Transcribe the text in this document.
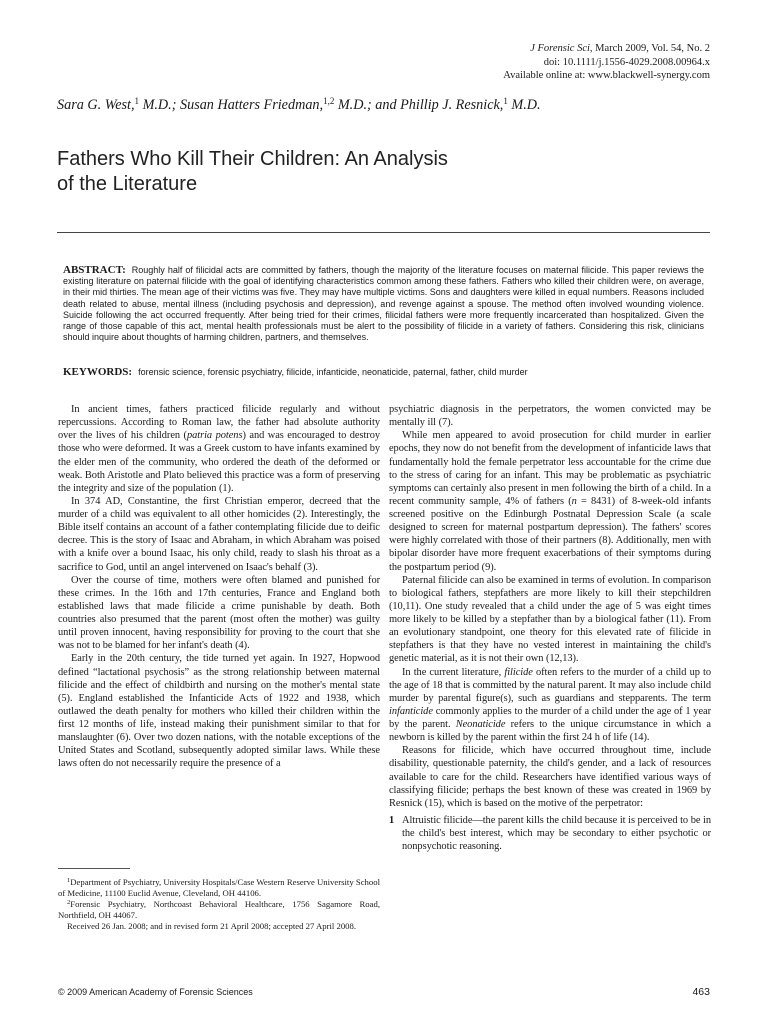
J Forensic Sci, March 2009, Vol. 54, No. 2
doi: 10.1111/j.1556-4029.2008.00964.x
Available online at: www.blackwell-synergy.com
Sara G. West,$^1$ M.D.; Susan Hatters Friedman,$^{1,2}$ M.D.; and Phillip J. Resnick,$^1$ M.D.
Fathers Who Kill Their Children: An Analysis
of the Literature
ABSTRACT: Roughly half of filicidal acts are committed by fathers, though the majority of the literature focuses on maternal filicide. This paper reviews the existing literature on paternal filicide with the goal of identifying characteristics common among these fathers. Fathers who killed their children were, on average, in their mid thirties. The mean age of their victims was five. They may have multiple victims. Sons and daughters were killed in equal numbers. Reasons included death related to abuse, mental illness (including psychosis and depression), and revenge against a spouse. The method often involved wounding violence. Suicide following the act occurred frequently. After being tried for their crimes, filicidal fathers were more frequently incarcerated than hospitalized. Given the range of those capable of this act, mental health professionals must be alert to the possibility of filicide in a variety of fathers. Considering this risk, clinicians should inquire about thoughts of harming children, partners, and themselves.
KEYWORDS: forensic science, forensic psychiatry, filicide, infanticide, neonaticide, paternal, father, child murder

In ancient times, fathers practiced filicide regularly and without repercussions. According to Roman law, the father had absolute authority over the lives of his children (patria potens) and was encouraged to destroy those who were deformed. It was a Greek custom to have infants examined by the elder men of the community, who ordered the death of the deformed or weak. Both Aristotle and Plato believed this practice was a form of preserving the integrity and size of the population (1).

In 374 AD, Constantine, the first Christian emperor, decreed that the murder of a child was equivalent to all other homicides (2). Interestingly, the Bible itself contains an account of a father contemplating filicide due to deific decree. This is the story of Isaac and Abraham, in which Abraham was poised with a knife over a bound Isaac, his only child, ready to slash his throat as a sacrifice to God, until an angel intervened on Isaac's behalf (3).

Over the course of time, mothers were often blamed and punished for these crimes. In the 16th and 17th centuries, France and England both established laws that made filicide a crime punishable by death. Both countries also presumed that the parent (most often the mother) was guilty until proven innocent, having responsibility for proving to the court that she was not to be blamed for her infant's death (4).

Early in the 20th century, the tide turned yet again. In 1927, Hopwood defined “lactational psychosis” as the strong relationship between maternal filicide and the effect of childbirth and nursing on the mother's mental state (5). England established the Infanticide Acts of 1922 and 1938, which outlawed the death penalty for mothers who killed their children within the first 12 months of life, instead making their punishment similar to that for manslaughter (6). Over two dozen nations, with the notable exceptions of the United States and Scotland, subsequently adopted similar laws. While these laws often do not necessarily require the presence of a

$^1$Department of Psychiatry, University Hospitals/Case Western Reserve University School of Medicine, 11100 Euclid Avenue, Cleveland, OH 44106.

$^2$Forensic Psychiatry, Northcoast Behavioral Healthcare, 1756 Sagamore Road, Northfield, OH 44067.

Received 26 Jan. 2008; and in revised form 21 April 2008; accepted 27 April 2008.

psychiatric diagnosis in the perpetrators, the women convicted may be mentally ill (7).

While men appeared to avoid prosecution for child murder in earlier epochs, they now do not benefit from the development of infanticide laws that fundamentally hold the female perpetrator less accountable for the crime due to the stress of caring for an infant. This may be problematic as psychiatric symptoms can certainly also present in men following the birth of a child. In a recent community sample, 4% of fathers (n = 8431) of 8-week-old infants screened positive on the Edinburgh Postnatal Depression Scale (a scale designed to screen for maternal postpartum depression). The fathers' scores were highly correlated with those of their partners (8). Additionally, men with bipolar disorder have more frequent exacerbations of their symptoms during the postpartum period (9).

Paternal filicide can also be examined in terms of evolution. In comparison to biological fathers, stepfathers are more likely to kill their stepchildren (10,11). One study revealed that a child under the age of 5 was eight times more likely to be killed by a stepfather than by a biological father (11). From an evolutionary standpoint, one theory for this elevated rate of filicide in stepfathers is that they have no vested interest in maintaining the child's genetic material, as it is not their own (12,13).

In the current literature, filicide often refers to the murder of a child up to the age of 18 that is committed by the natural parent. It may also include child murder by parental figure(s), such as guardians and stepparents. The term infanticide commonly applies to the murder of a child under the age of 1 year by the parent. Neonaticide refers to the unique circumstance in which a newborn is killed by the parent within the first 24 h of life (14).

Reasons for filicide, which have occurred throughout time, include disability, questionable paternity, the child's gender, and a lack of resources available to care for the child. Researchers have identified various ways of classifying filicide; perhaps the best known of these was created in 1969 by Resnick (15), which is based on the motive of the perpetrator:

1 Altruistic filicide—the parent kills the child because it is perceived to be in the child's best interest, which may be secondary to either psychotic or nonpsychotic reasoning.
© 2009 American Academy of Forensic Sciences	463
